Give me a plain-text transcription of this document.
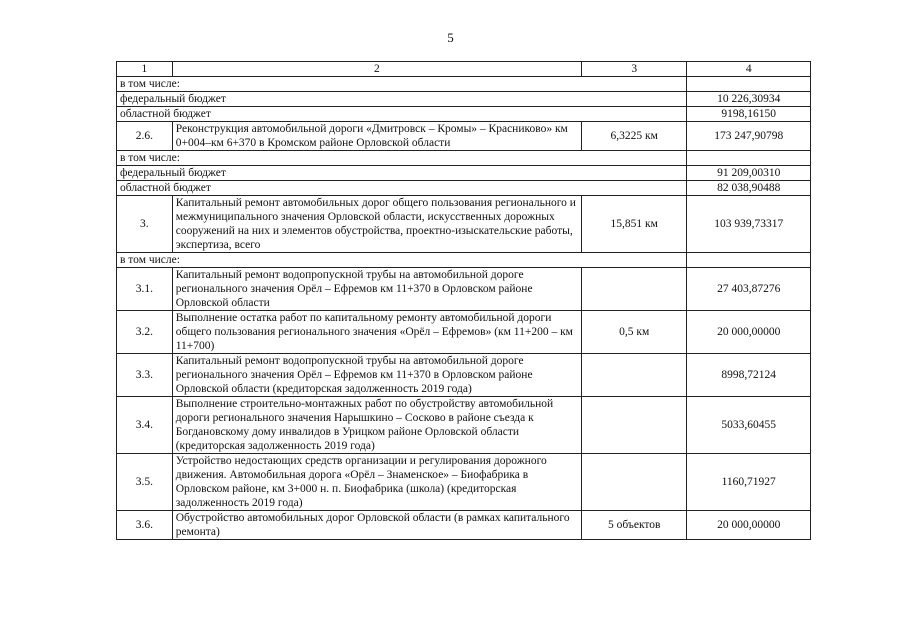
5
1	2	3	4
в том числе:			
федеральный бюджет			10 226,30934
областной бюджет			9198,16150
2.6.	Реконструкция автомобильной дороги «Дмитровск – Кромы» – Красниково» км 0+004–км 6+370 в Кромском районе Орловской области	6,3225 км	173 247,90798
в том числе:			
федеральный бюджет			91 209,00310
областной бюджет			82 038,90488
3.	Капитальный ремонт автомобильных дорог общего пользования регионального и межмуниципального значения Орловской области, искусственных дорожных сооружений на них и элементов обустройства, проектно-изыскательские работы, экспертиза, всего	15,851 км	103 939,73317
в том числе:			
3.1.	Капитальный ремонт водопропускной трубы на автомобильной дороге регионального значения Орёл – Ефремов км 11+370 в Орловском районе Орловской области		27 403,87276
3.2.	Выполнение остатка работ по капитальному ремонту автомобильной дороги общего пользования регионального значения «Орёл – Ефремов» (км 11+200 – км 11+700)	0,5 км	20 000,00000
3.3.	Капитальный ремонт водопропускной трубы на автомобильной дороге регионального значения Орёл – Ефремов км 11+370 в Орловском районе Орловской области (кредиторская задолженность 2019 года)		8998,72124
3.4.	Выполнение строительно-монтажных работ по обустройству автомобильной дороги регионального значения Нарышкино – Сосково в районе съезда к Богдановскому дому инвалидов в Урицком районе Орловской области (кредиторская задолженность 2019 года)		5033,60455
3.5.	Устройство недостающих средств организации и регулирования дорожного движения. Автомобильная дорога «Орёл – Знаменское» – Биофабрика в Орловском районе, км 3+000 н. п. Биофабрика (школа) (кредиторская задолженность 2019 года)		1160,71927
3.6.	Обустройство автомобильных дорог Орловской области (в рамках капитального ремонта)	5 объектов	20 000,00000
